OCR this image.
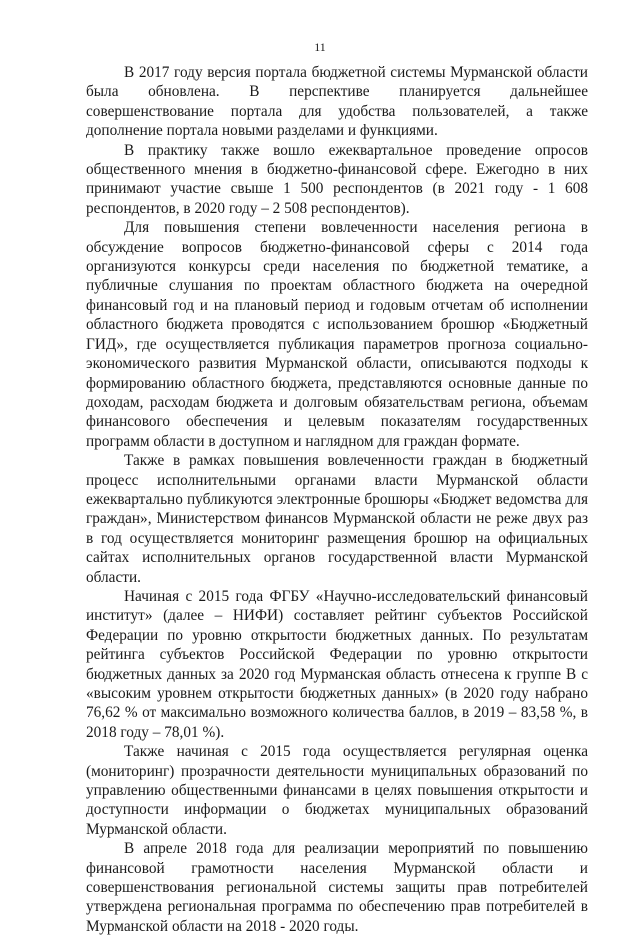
11

В 2017 году версия портала бюджетной системы Мурманской области была обновлена. В перспективе планируется дальнейшее совершенствование портала для удобства пользователей, а также дополнение портала новыми разделами и функциями.

В практику также вошло ежеквартальное проведение опросов общественного мнения в бюджетно-финансовой сфере. Ежегодно в них принимают участие свыше 1 500 респондентов (в 2021 году - 1 608 респондентов, в 2020 году – 2 508 респондентов).

Для повышения степени вовлеченности населения региона в обсуждение вопросов бюджетно-финансовой сферы с 2014 года организуются конкурсы среди населения по бюджетной тематике, а публичные слушания по проектам областного бюджета на очередной финансовый год и на плановый период и годовым отчетам об исполнении областного бюджета проводятся с использованием брошюр «Бюджетный ГИД», где осуществляется публикация параметров прогноза социально-экономического развития Мурманской области, описываются подходы к формированию областного бюджета, представляются основные данные по доходам, расходам бюджета и долговым обязательствам региона, объемам финансового обеспечения и целевым показателям государственных программ области в доступном и наглядном для граждан формате.

Также в рамках повышения вовлеченности граждан в бюджетный процесс исполнительными органами власти Мурманской области ежеквартально публикуются электронные брошюры «Бюджет ведомства для граждан», Министерством финансов Мурманской области не реже двух раз в год осуществляется мониторинг размещения брошюр на официальных сайтах исполнительных органов государственной власти Мурманской области.

Начиная с 2015 года ФГБУ «Научно-исследовательский финансовый институт» (далее – НИФИ) составляет рейтинг субъектов Российской Федерации по уровню открытости бюджетных данных. По результатам рейтинга субъектов Российской Федерации по уровню открытости бюджетных данных за 2020 год Мурманская область отнесена к группе В с «высоким уровнем открытости бюджетных данных» (в 2020 году набрано 76,62 % от максимально возможного количества баллов, в 2019 – 83,58 %, в 2018 году – 78,01 %).

Также начиная с 2015 года осуществляется регулярная оценка (мониторинг) прозрачности деятельности муниципальных образований по управлению общественными финансами в целях повышения открытости и доступности информации о бюджетах муниципальных образований Мурманской области.

В апреле 2018 года для реализации мероприятий по повышению финансовой грамотности населения Мурманской области и совершенствования региональной системы защиты прав потребителей утверждена региональная программа по обеспечению прав потребителей в Мурманской области на 2018 - 2020 годы.
